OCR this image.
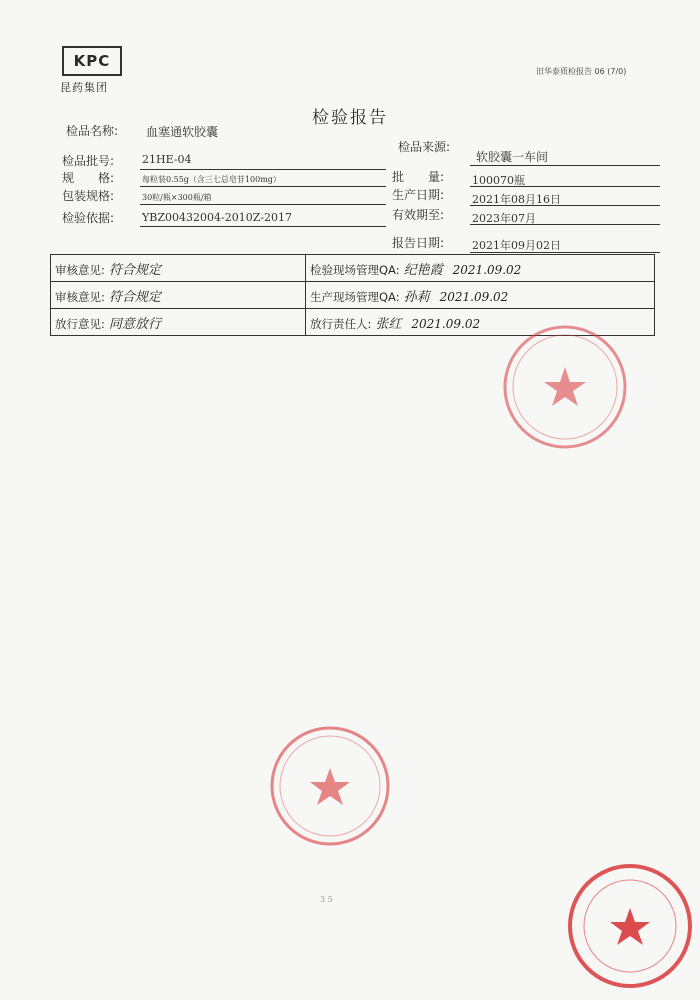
KPC
昆药集团
旧华泰质检报告 06 (7/0)
检验报告
检品名称: 血塞通软胶囊
检品批号:	21HE-04
规　　格:	每粒装0.55g（含三七总皂苷100mg）
包装规格:	30粒/瓶×300瓶/箱
检验依据:	YBZ00432004-2010Z-2017
检品来源:
软胶囊一车间
批　　量:	100070瓶
生产日期:	2021年08月16日
有效期至:	2023年07月
报告日期:	2021年09月02日
审核意见: 符合规定	检验现场管理QA: 纪艳霞 2021.09.02
审核意见: 符合规定	生产现场管理QA: 孙莉 2021.09.02
放行意见: 同意放行	放行责任人: 张红 2021.09.02
3 5
